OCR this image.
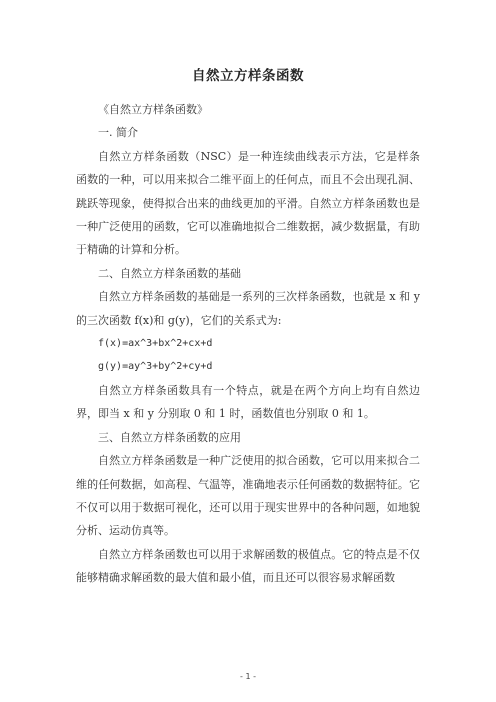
自然立方样条函数

《自然立方样条函数》

一. 简介

自然立方样条函数（NSC）是一种连续曲线表示方法，它是样条函数的一种，可以用来拟合二维平面上的任何点，而且不会出现孔洞、跳跃等现象，使得拟合出来的曲线更加的平滑。自然立方样条函数也是一种广泛使用的函数，它可以准确地拟合二维数据，减少数据量，有助于精确的计算和分析。

二、自然立方样条函数的基础

自然立方样条函数的基础是一系列的三次样条函数，也就是 x 和 y 的三次函数 f(x)和 g(y)，它们的关系式为:

f(x)=ax^3+bx^2+cx+d

g(y)=ay^3+by^2+cy+d

自然立方样条函数具有一个特点，就是在两个方向上均有自然边界，即当 x 和 y 分别取 0 和 1 时，函数值也分别取 0 和 1。

三、自然立方样条函数的应用

自然立方样条函数是一种广泛使用的拟合函数，它可以用来拟合二维的任何数据，如高程、气温等，准确地表示任何函数的数据特征。它不仅可以用于数据可视化，还可以用于现实世界中的各种问题，如地貌分析、运动仿真等。

自然立方样条函数也可以用于求解函数的极值点。它的特点是不仅能够精确求解函数的最大值和最小值，而且还可以很容易求解函数

- 1 -
